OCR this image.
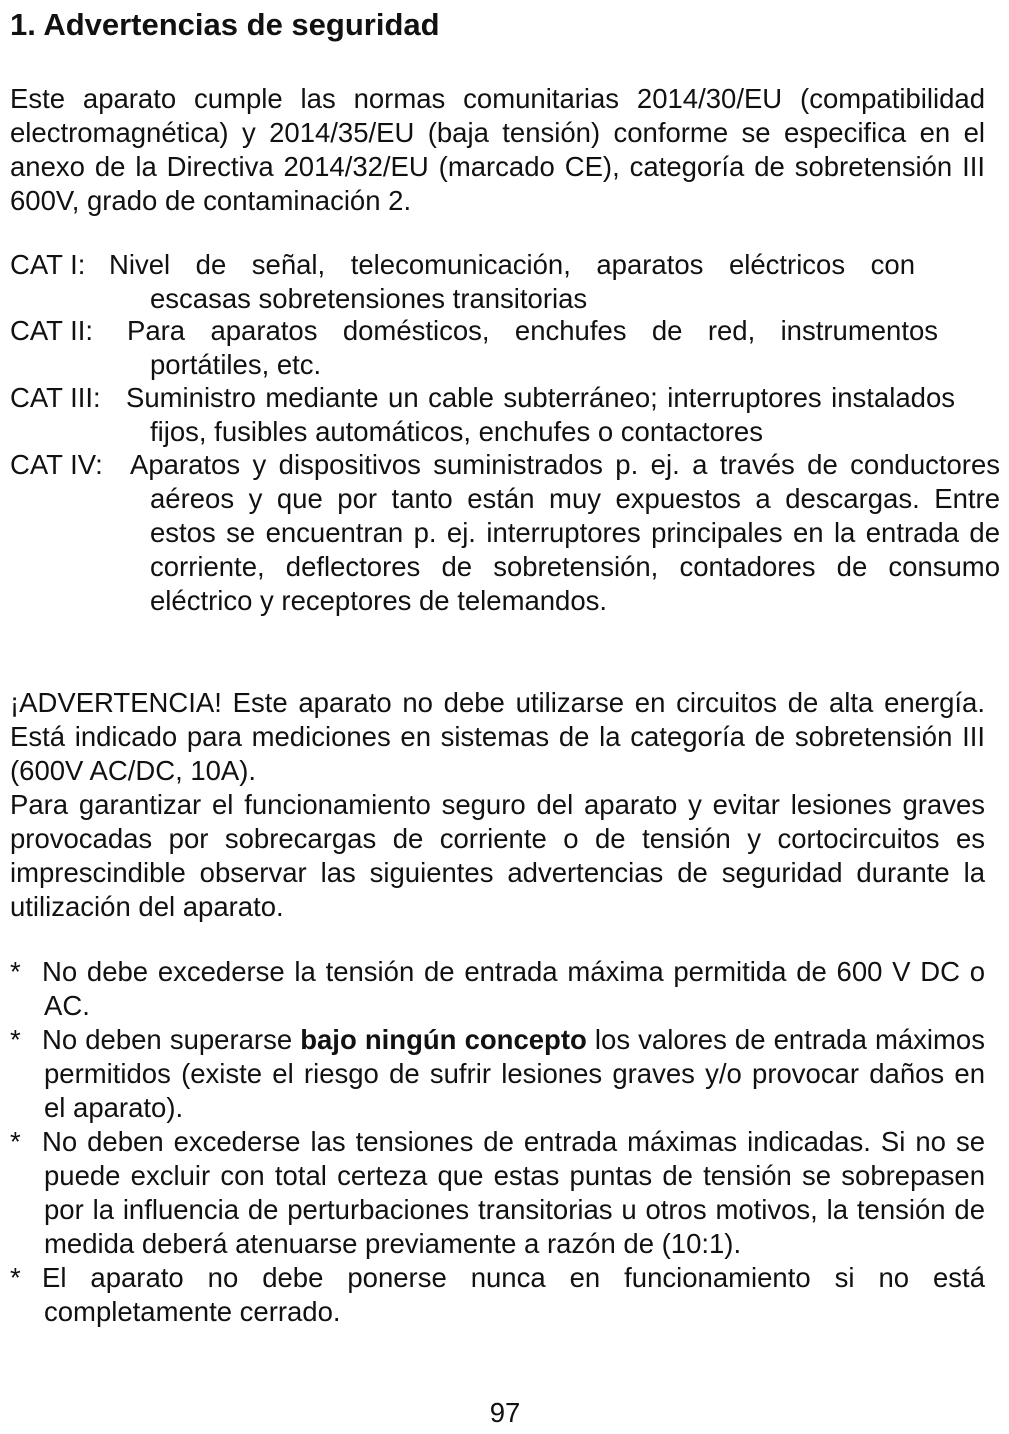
1. Advertencias de seguridad
Este aparato cumple las normas comunitarias 2014/30/EU (compatibilidad electromagnética) y 2014/35/EU (baja tensión) conforme se especifica en el anexo de la Directiva 2014/32/EU (marcado CE), categoría de sobretensión III 600V, grado de contaminación 2.
CAT I: Nivel de señal, telecomunicación, aparatos eléctricos con escasas sobretensiones transitorias
CAT II: Para aparatos domésticos, enchufes de red, instrumentos portátiles, etc.
CAT III: Suministro mediante un cable subterráneo; interruptores instalados fijos, fusibles automáticos, enchufes o contactores
CAT IV: Aparatos y dispositivos suministrados p. ej. a través de conductores aéreos y que por tanto están muy expuestos a descargas. Entre estos se encuentran p. ej. interruptores principales en la entrada de corriente, deflectores de sobretensión, contadores de consumo eléctrico y receptores de telemandos.
¡ADVERTENCIA! Este aparato no debe utilizarse en circuitos de alta energía. Está indicado para mediciones en sistemas de la categoría de sobretensión III (600V AC/DC, 10A).
Para garantizar el funcionamiento seguro del aparato y evitar lesiones graves provocadas por sobrecargas de corriente o de tensión y cortocircuitos es imprescindible observar las siguientes advertencias de seguridad durante la utilización del aparato.
* No debe excederse la tensión de entrada máxima permitida de 600 V DC o AC.
* No deben superarse bajo ningún concepto los valores de entrada máximos permitidos (existe el riesgo de sufrir lesiones graves y/o provocar daños en el aparato).
* No deben excederse las tensiones de entrada máximas indicadas. Si no se puede excluir con total certeza que estas puntas de tensión se sobrepasen por la influencia de perturbaciones transitorias u otros motivos, la tensión de medida deberá atenuarse previamente a razón de (10:1).
* El aparato no debe ponerse nunca en funcionamiento si no está completamente cerrado.
97
